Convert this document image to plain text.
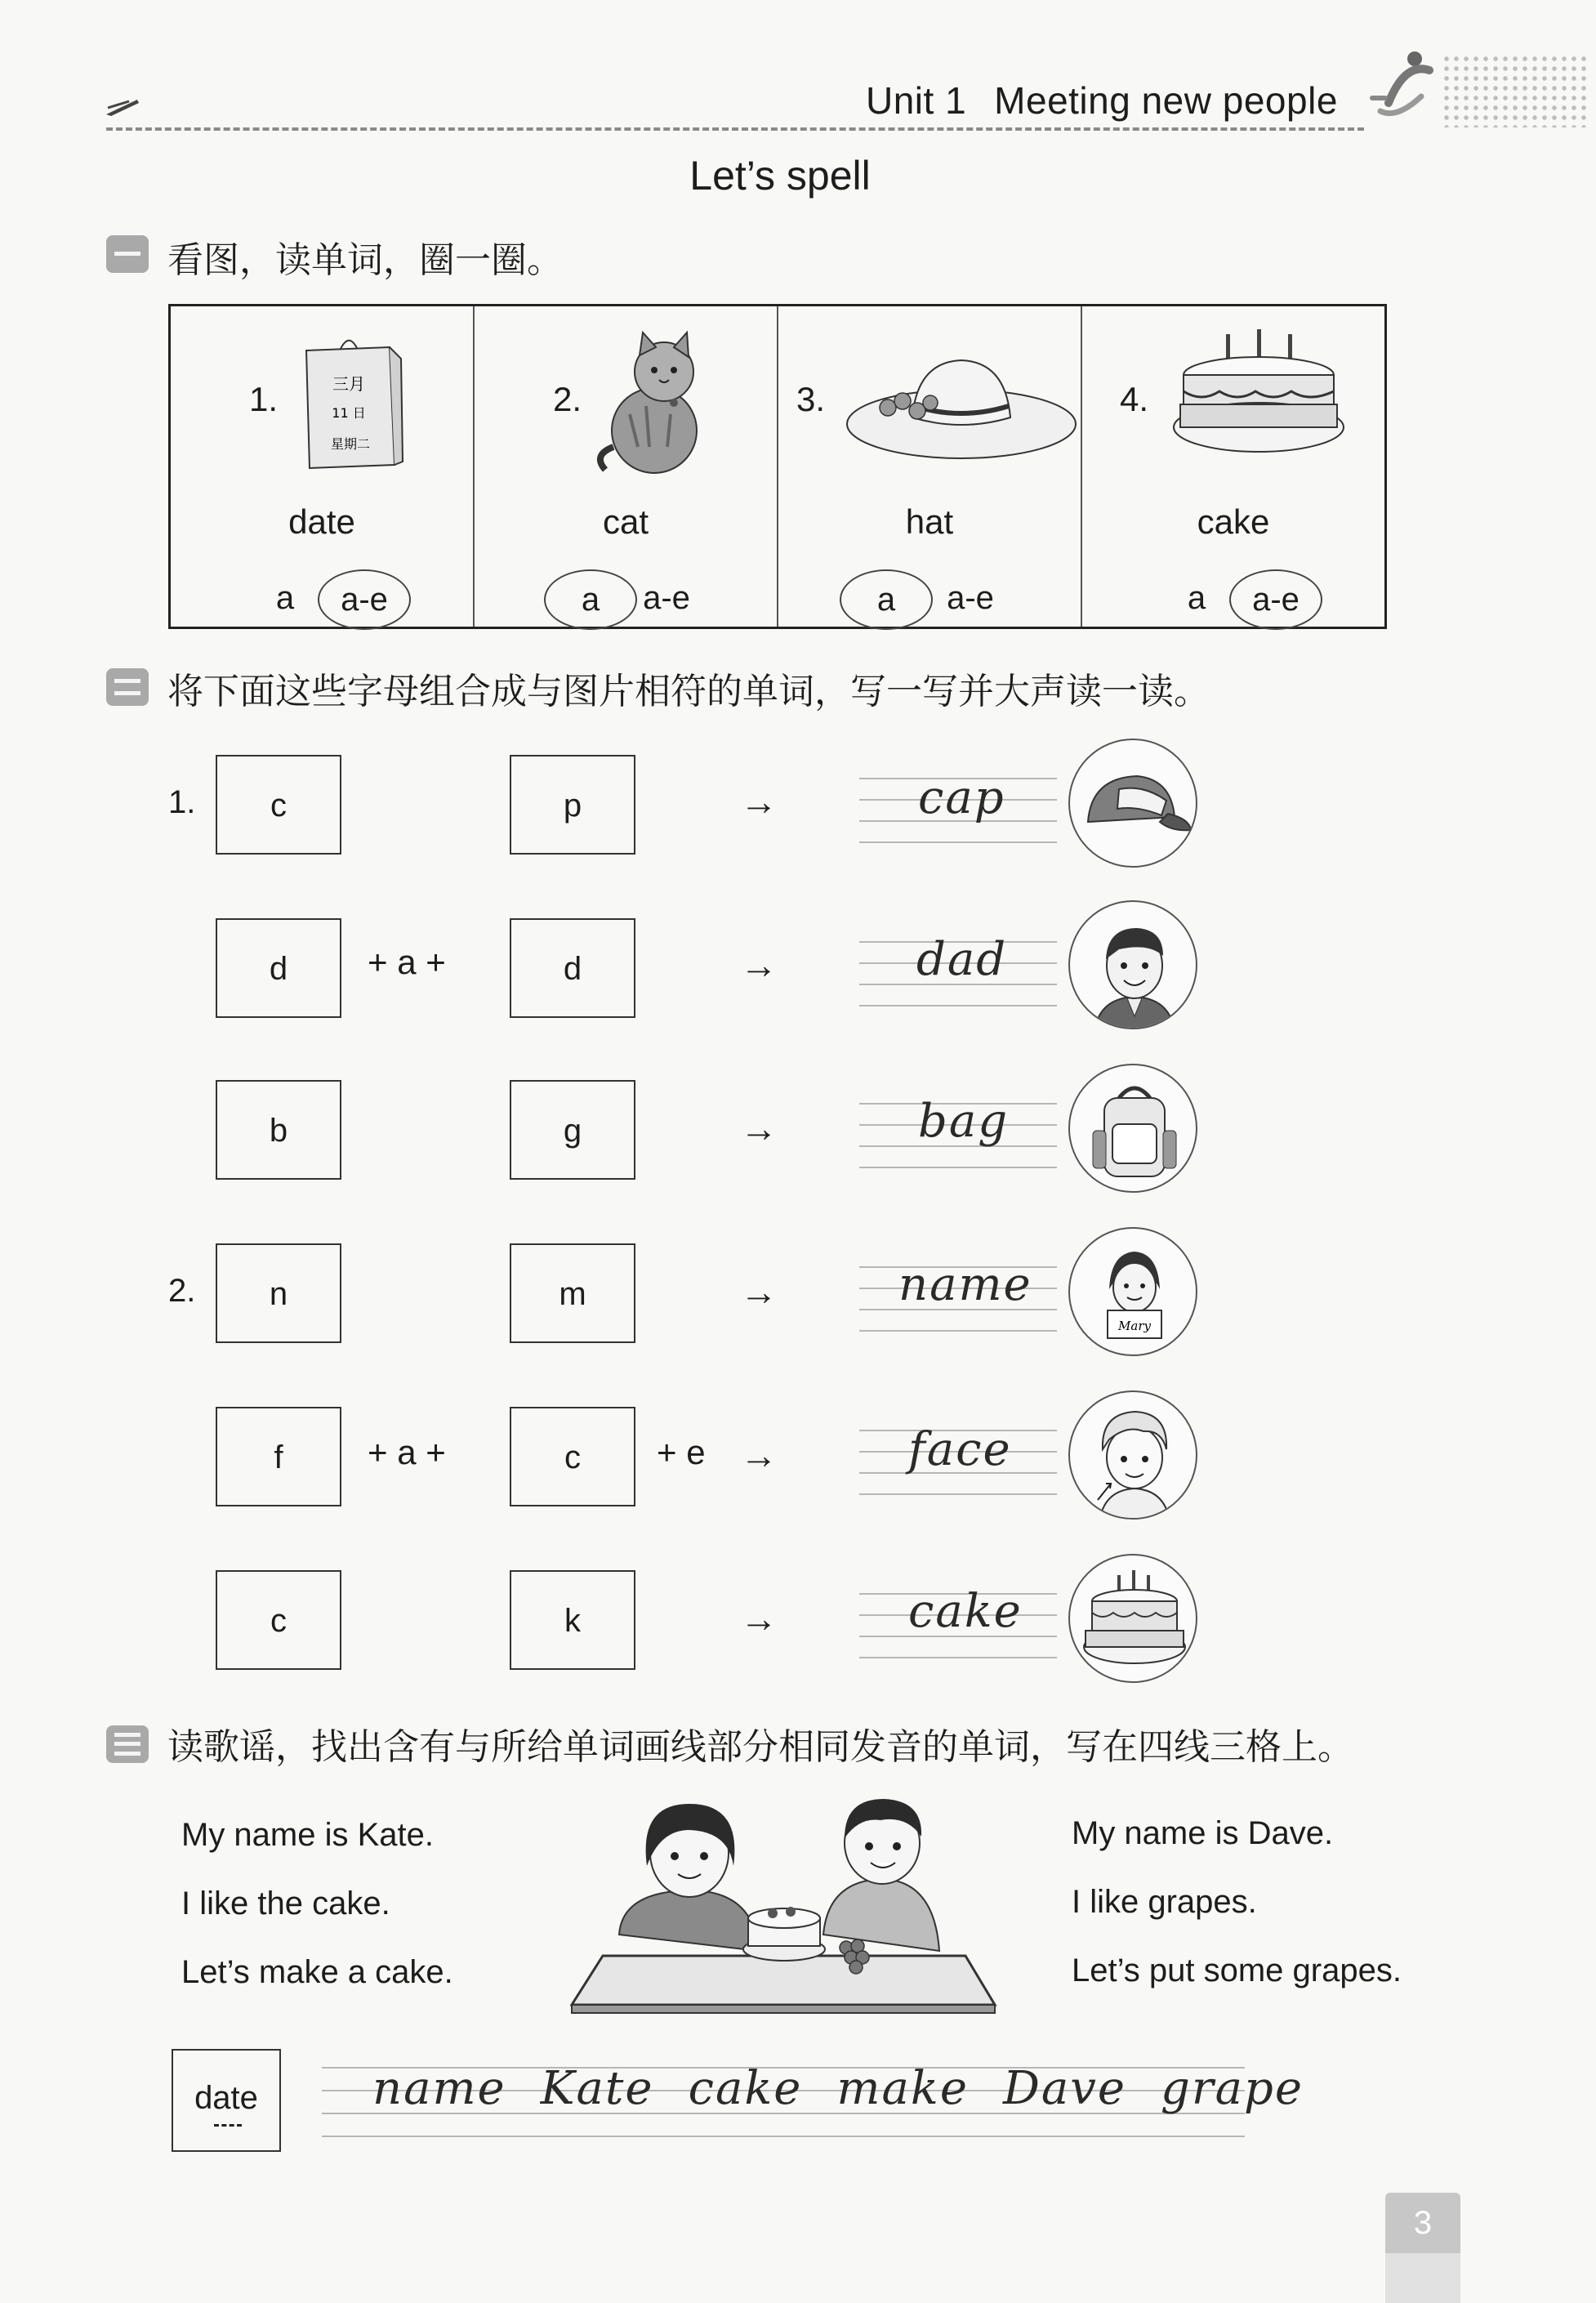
Unit 1 Meeting new people
Let’s spell
看图，读单词，圈一圈。
1.	三月
11 日
星期二
date
a	a-e
2.
cat
a	a-e
3.
hat
a	a-e
4.
cake
a	a-e
将下面这些字母组合成与图片相符的单词，写一写并大声读一读。
1.	c	p	→	cap
d	+ a +	d	→	dad
b	g	→	bag
2.	n	m	→	name
Mary
f	+ a +	c	+ e →	face
c	k	→	cake
读歌谣，找出含有与所给单词画线部分相同发音的单词，写在四线三格上。
My name is Kate.
I like the cake.
Let’s make a cake.
My name is Dave.
I like grapes.
Let’s put some grapes.
date	name Kate cake make Dave grape
3
